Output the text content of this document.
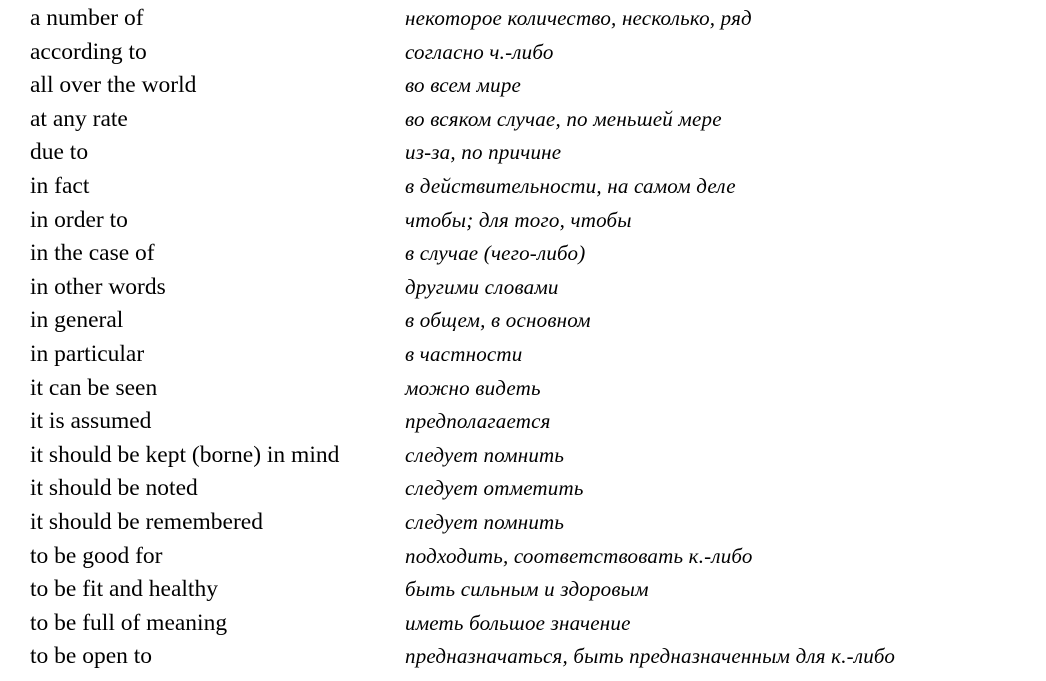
a number of	некоторое количество, несколько, ряд
according to	согласно ч.-либо
all over the world	во всем мире
at any rate	во всяком случае, по меньшей мере
due to	из-за, по причине
in fact	в действительности, на самом деле
in order to	чтобы; для того, чтобы
in the case of	в случае (чего-либо)
in other words	другими словами
in general	в общем, в основном
in particular	в частности
it can be seen	можно видеть
it is assumed	предполагается
it should be kept (borne) in mind	следует помнить
it should be noted	следует отметить
it should be remembered	следует помнить
to be good for	подходить, соответствовать к.-либо
to be fit and healthy	быть сильным и здоровым
to be full of meaning	иметь большое значение
to be open to	предназначаться, быть предназначенным для к.-либо
